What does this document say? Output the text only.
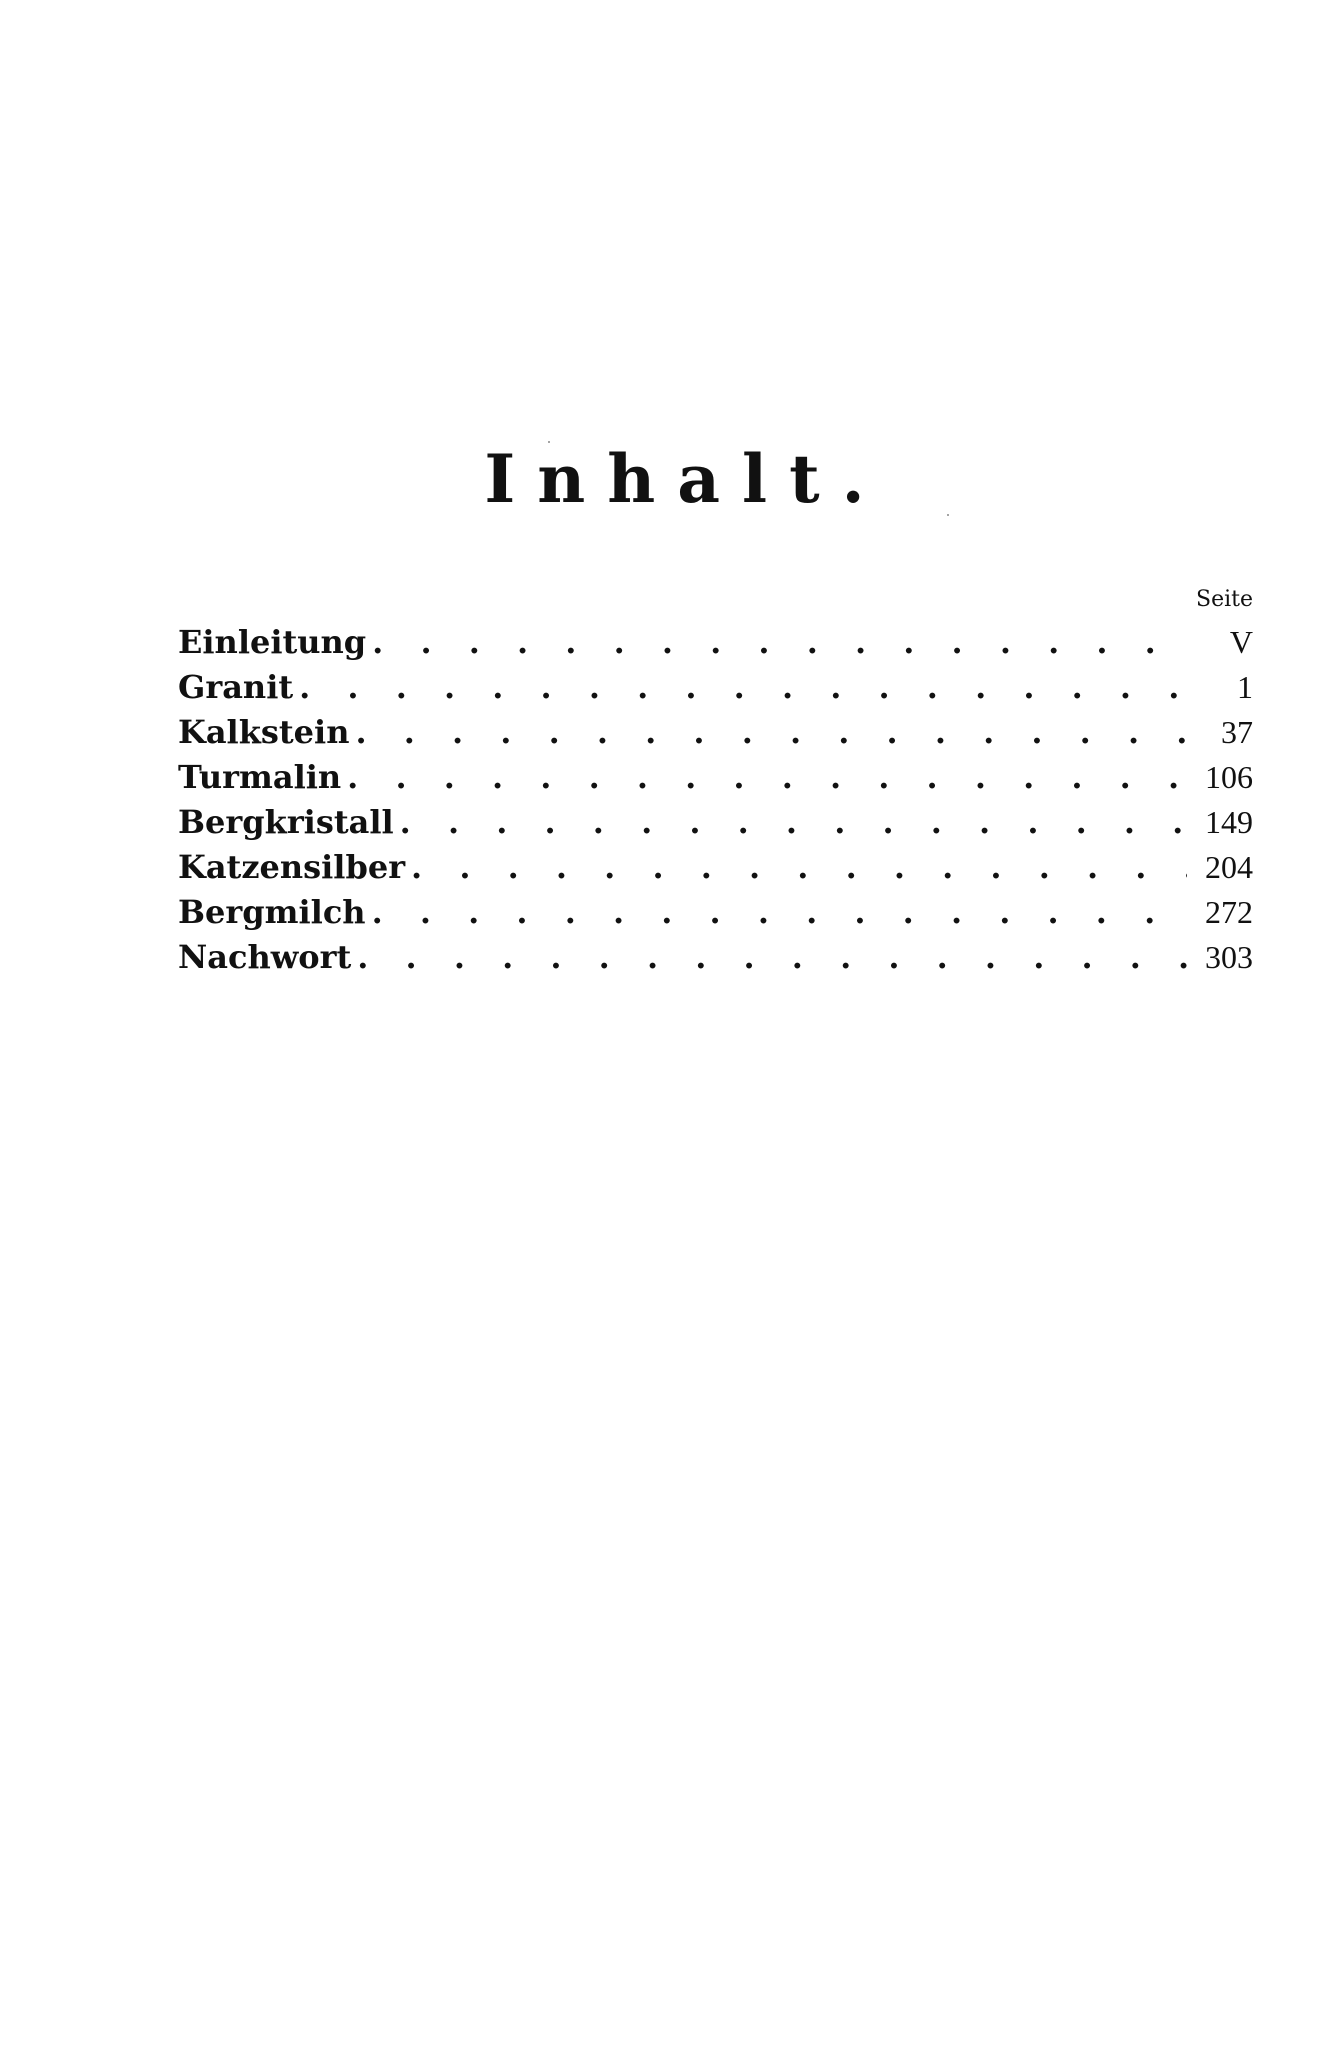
Inhalt.
Seite
Einleitung . . .	V
Granit . . .	1
Kalkstein . . .	37
Turmalin . . .	106
Bergkristall . . .	149
Katzensilber . . .	204
Bergmilch . . .	272
Nachwort . . .	303
